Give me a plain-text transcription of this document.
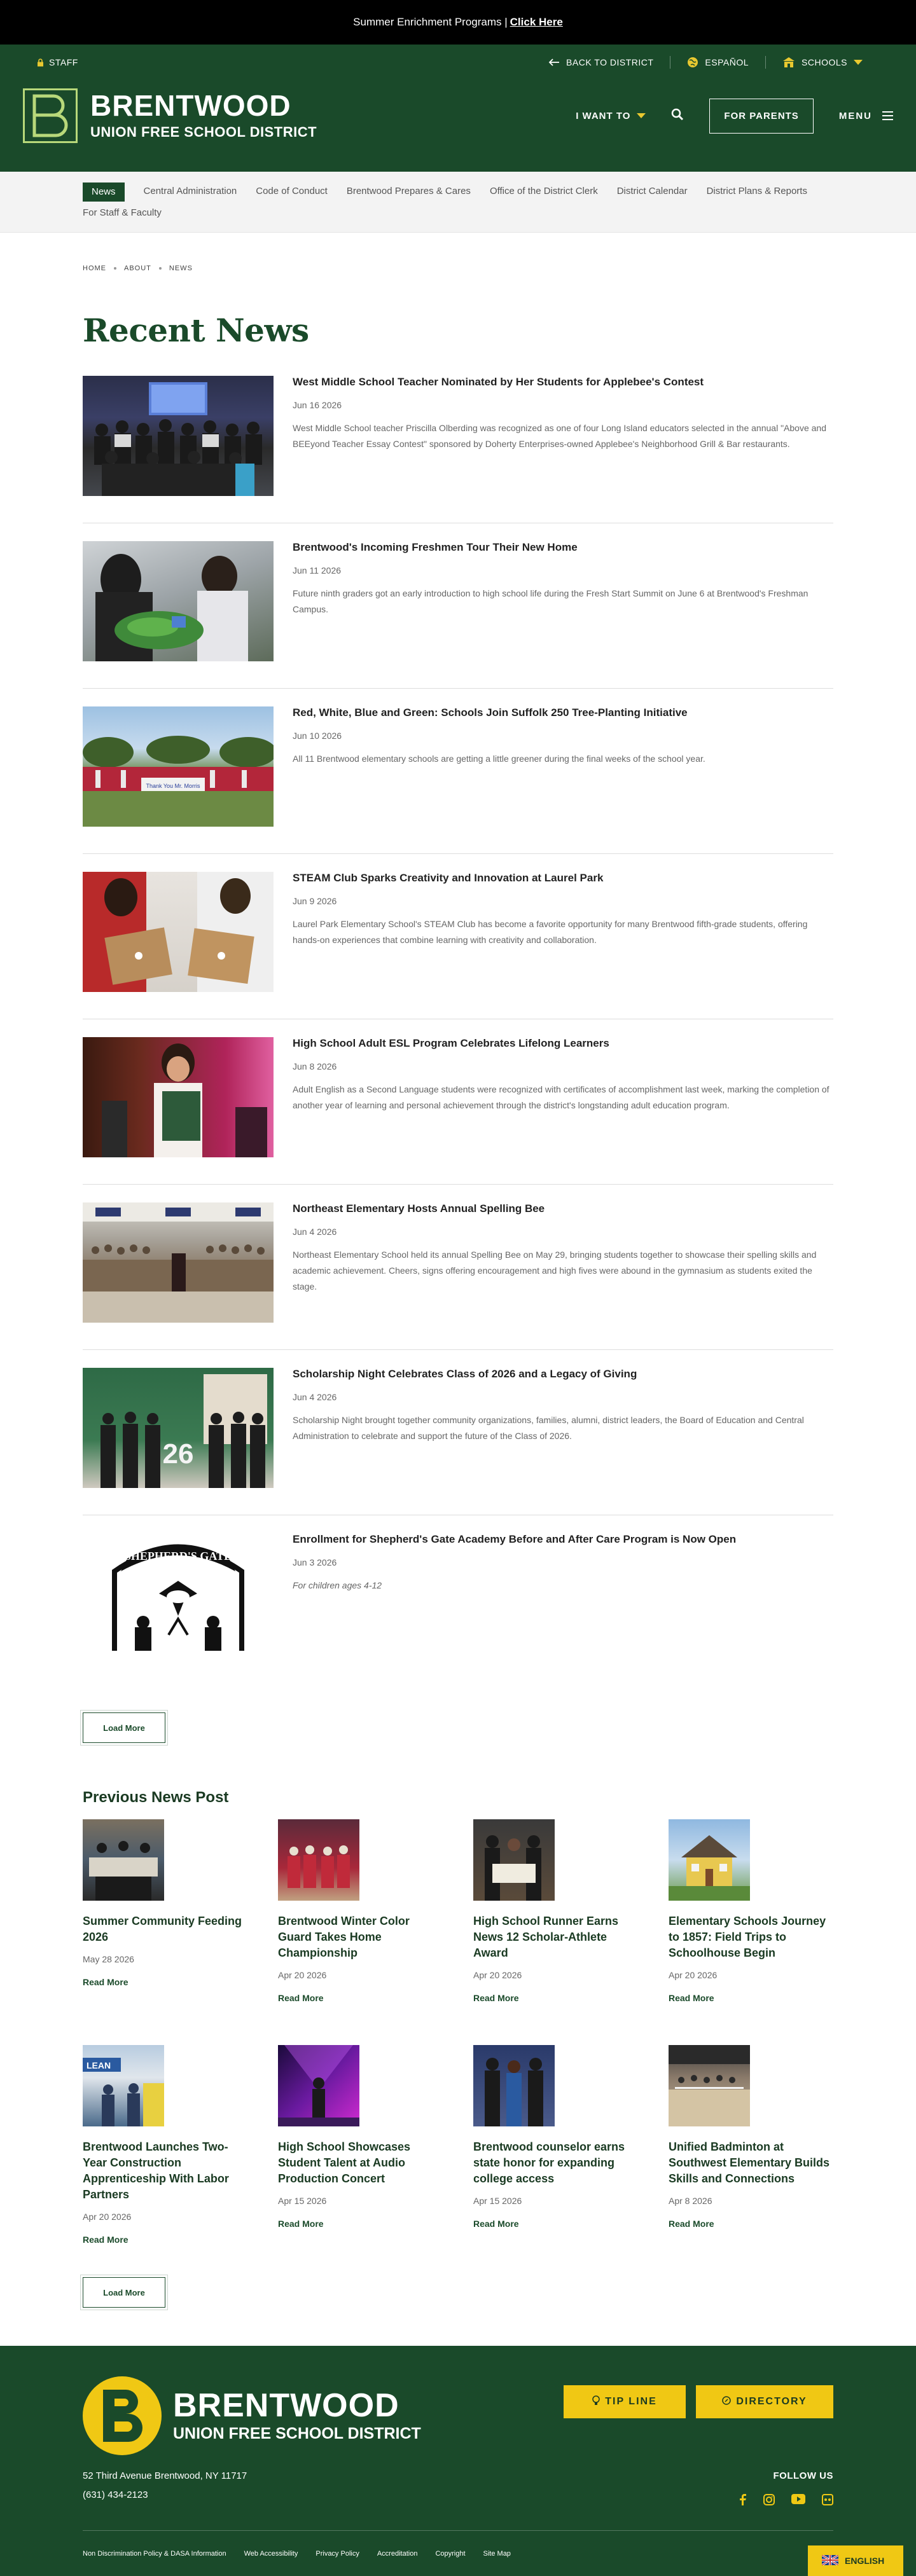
Summer Enrichment Programs | Click Here
STAFF	BACK TO DISTRICT	ESPAÑOL	SCHOOLS
BRENTWOOD
UNION FREE SCHOOL DISTRICT
I WANT TO	FOR PARENTS	MENU
News	Central Administration Code of Conduct Brentwood Prepares & Cares Office of the District Clerk District Calendar District Plans & Reports
For Staff & Faculty
HOME	ABOUT	NEWS
Recent News
West Middle School Teacher Nominated by Her Students for Applebee's Contest
Jun 16 2026

West Middle School teacher Priscilla Olberding was recognized as one of four Long Island educators selected in the annual "Above and BEEyond Teacher Essay Contest" sponsored by Doherty Enterprises-owned Applebee's Neighborhood Grill & Bar restaurants.

Brentwood's Incoming Freshmen Tour Their New Home
Jun 11 2026

Future ninth graders got an early introduction to high school life during the Fresh Start Summit on June 6 at Brentwood's Freshman Campus.

Thank You Mr. Morris
Red, White, Blue and Green: Schools Join Suffolk 250 Tree-Planting Initiative
Jun 10 2026

All 11 Brentwood elementary schools are getting a little greener during the final weeks of the school year.

STEAM Club Sparks Creativity and Innovation at Laurel Park
Jun 9 2026

Laurel Park Elementary School's STEAM Club has become a favorite opportunity for many Brentwood fifth-grade students, offering hands-on experiences that combine learning with creativity and collaboration.

High School Adult ESL Program Celebrates Lifelong Learners
Jun 8 2026

Adult English as a Second Language students were recognized with certificates of accomplishment last week, marking the completion of another year of learning and personal achievement through the district's longstanding adult education program.

Northeast Elementary Hosts Annual Spelling Bee
Jun 4 2026

Northeast Elementary School held its annual Spelling Bee on May 29, bringing students together to showcase their spelling skills and academic achievement. Cheers, signs offering encouragement and high fives were abound in the gymnasium as students exited the stage.

26
Scholarship Night Celebrates Class of 2026 and a Legacy of Giving
Jun 4 2026

Scholarship Night brought together community organizations, families, alumni, district leaders, the Board of Education and Central Administration to celebrate and support the future of the Class of 2026.

SHEPHERD'S GATE
Enrollment for Shepherd's Gate Academy Before and After Care Program is Now Open
Jun 3 2026

For children ages 4-12

Load More
Previous News Post
Summer Community Feeding 2026
May 28 2026
Read More
Brentwood Winter Color Guard Takes Home Championship
Apr 20 2026
Read More
High School Runner Earns News 12 Scholar-Athlete Award
Apr 20 2026
Read More
Elementary Schools Journey to 1857: Field Trips to Schoolhouse Begin
Apr 20 2026
Read More
LEAN
Brentwood Launches Two-Year Construction Apprenticeship With Labor Partners
Apr 20 2026
Read More
High School Showcases Student Talent at Audio Production Concert
Apr 15 2026
Read More
Brentwood counselor earns state honor for expanding college access
Apr 15 2026
Read More
Unified Badminton at Southwest Elementary Builds Skills and Connections
Apr 8 2026
Read More
Load More
BRENTWOOD
UNION FREE SCHOOL DISTRICT
TIP LINE	DIRECTORY
52 Third Avenue Brentwood, NY 11717
(631) 434-2123
FOLLOW US
Non Discrimination Policy & DASA Information	Web Accessibility	Privacy Policy	Accreditation	Copyright	Site Map
ENGLISH
